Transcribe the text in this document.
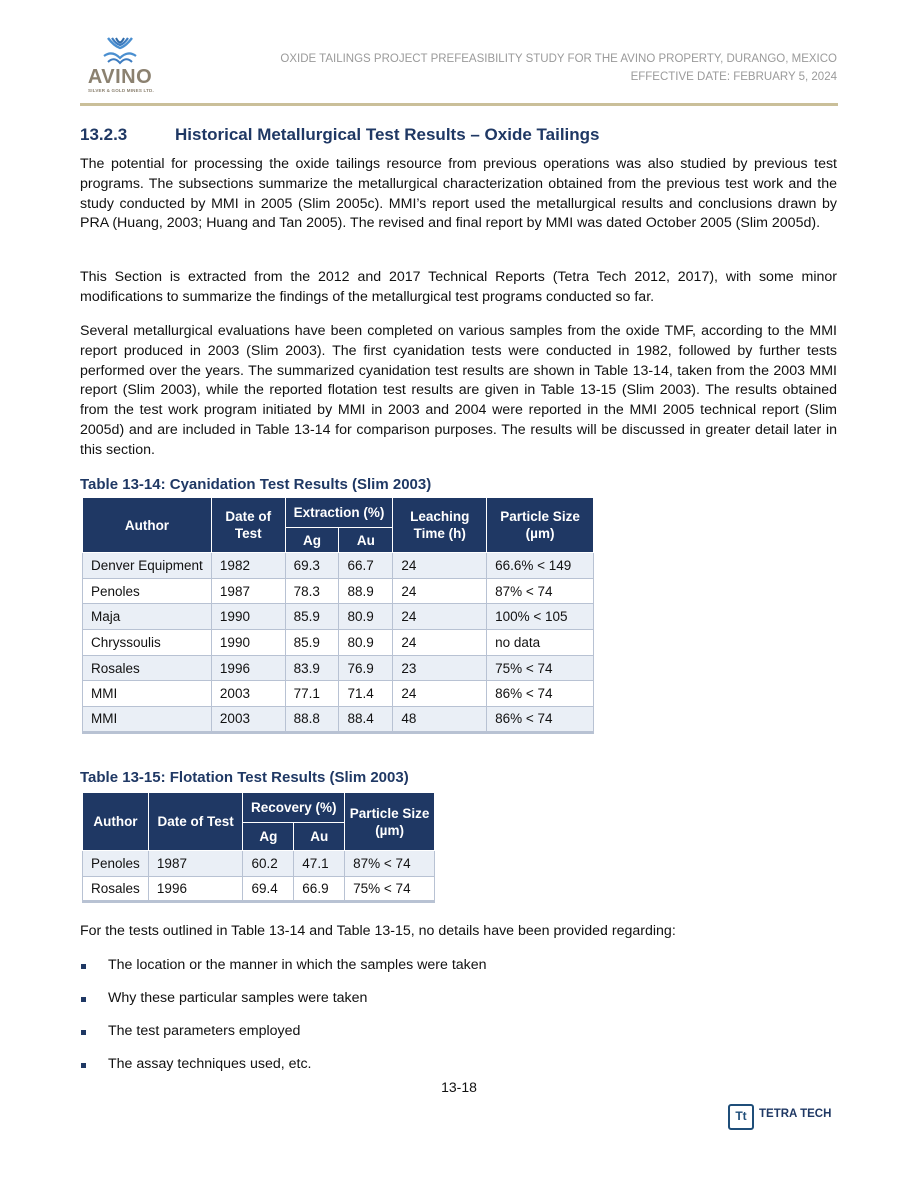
AVINO
SILVER & GOLD MINES LTD.
OXIDE TAILINGS PROJECT PREFEASIBILITY STUDY FOR THE AVINO PROPERTY, DURANGO, MEXICO
EFFECTIVE DATE: FEBRUARY 5, 2024
13.2.3	Historical Metallurgical Test Results – Oxide Tailings

The potential for processing the oxide tailings resource from previous operations was also studied by previous test programs. The subsections summarize the metallurgical characterization obtained from the previous test work and the study conducted by MMI in 2005 (Slim 2005c). MMI’s report used the metallurgical results and conclusions drawn by PRA (Huang, 2003; Huang and Tan 2005). The revised and final report by MMI was dated October 2005 (Slim 2005d).

This Section is extracted from the 2012 and 2017 Technical Reports (Tetra Tech 2012, 2017), with some minor modifications to summarize the findings of the metallurgical test programs conducted so far.

Several metallurgical evaluations have been completed on various samples from the oxide TMF, according to the MMI report produced in 2003 (Slim 2003). The first cyanidation tests were conducted in 1982, followed by further tests performed over the years. The summarized cyanidation test results are shown in Table 13-14, taken from the 2003 MMI report (Slim 2003), while the reported flotation test results are given in Table 13-15 (Slim 2003). The results obtained from the test work program initiated by MMI in 2003 and 2004 were reported in the MMI 2005 technical report (Slim 2005d) and are included in Table 13-14 for comparison purposes. The results will be discussed in greater detail later in this section.

Table 13-14: Cyanidation Test Results (Slim 2003)
Author	Date of Test	Extraction (%)		Leaching Time (h)	Particle Size (µm)
		Ag	Au		
Denver Equipment	1982	69.3	66.7	24	66.6% < 149
Penoles	1987	78.3	88.9	24	87% < 74
Maja	1990	85.9	80.9	24	100% < 105
Chryssoulis	1990	85.9	80.9	24	no data
Rosales	1996	83.9	76.9	23	75% < 74
MMI	2003	77.1	71.4	24	86% < 74
MMI	2003	88.8	88.4	48	86% < 74
Table 13-15: Flotation Test Results (Slim 2003)
Author	Date of Test	Recovery (%)		Particle Size (µm)
		Ag	Au	
Penoles	1987	60.2	47.1	87% < 74
Rosales	1996	69.4	66.9	75% < 74
For the tests outlined in Table 13-14 and Table 13-15, no details have been provided regarding:
The location or the manner in which the samples were taken
Why these particular samples were taken
The test parameters employed
The assay techniques used, etc.
13-18
Tt	TETRA TECH
